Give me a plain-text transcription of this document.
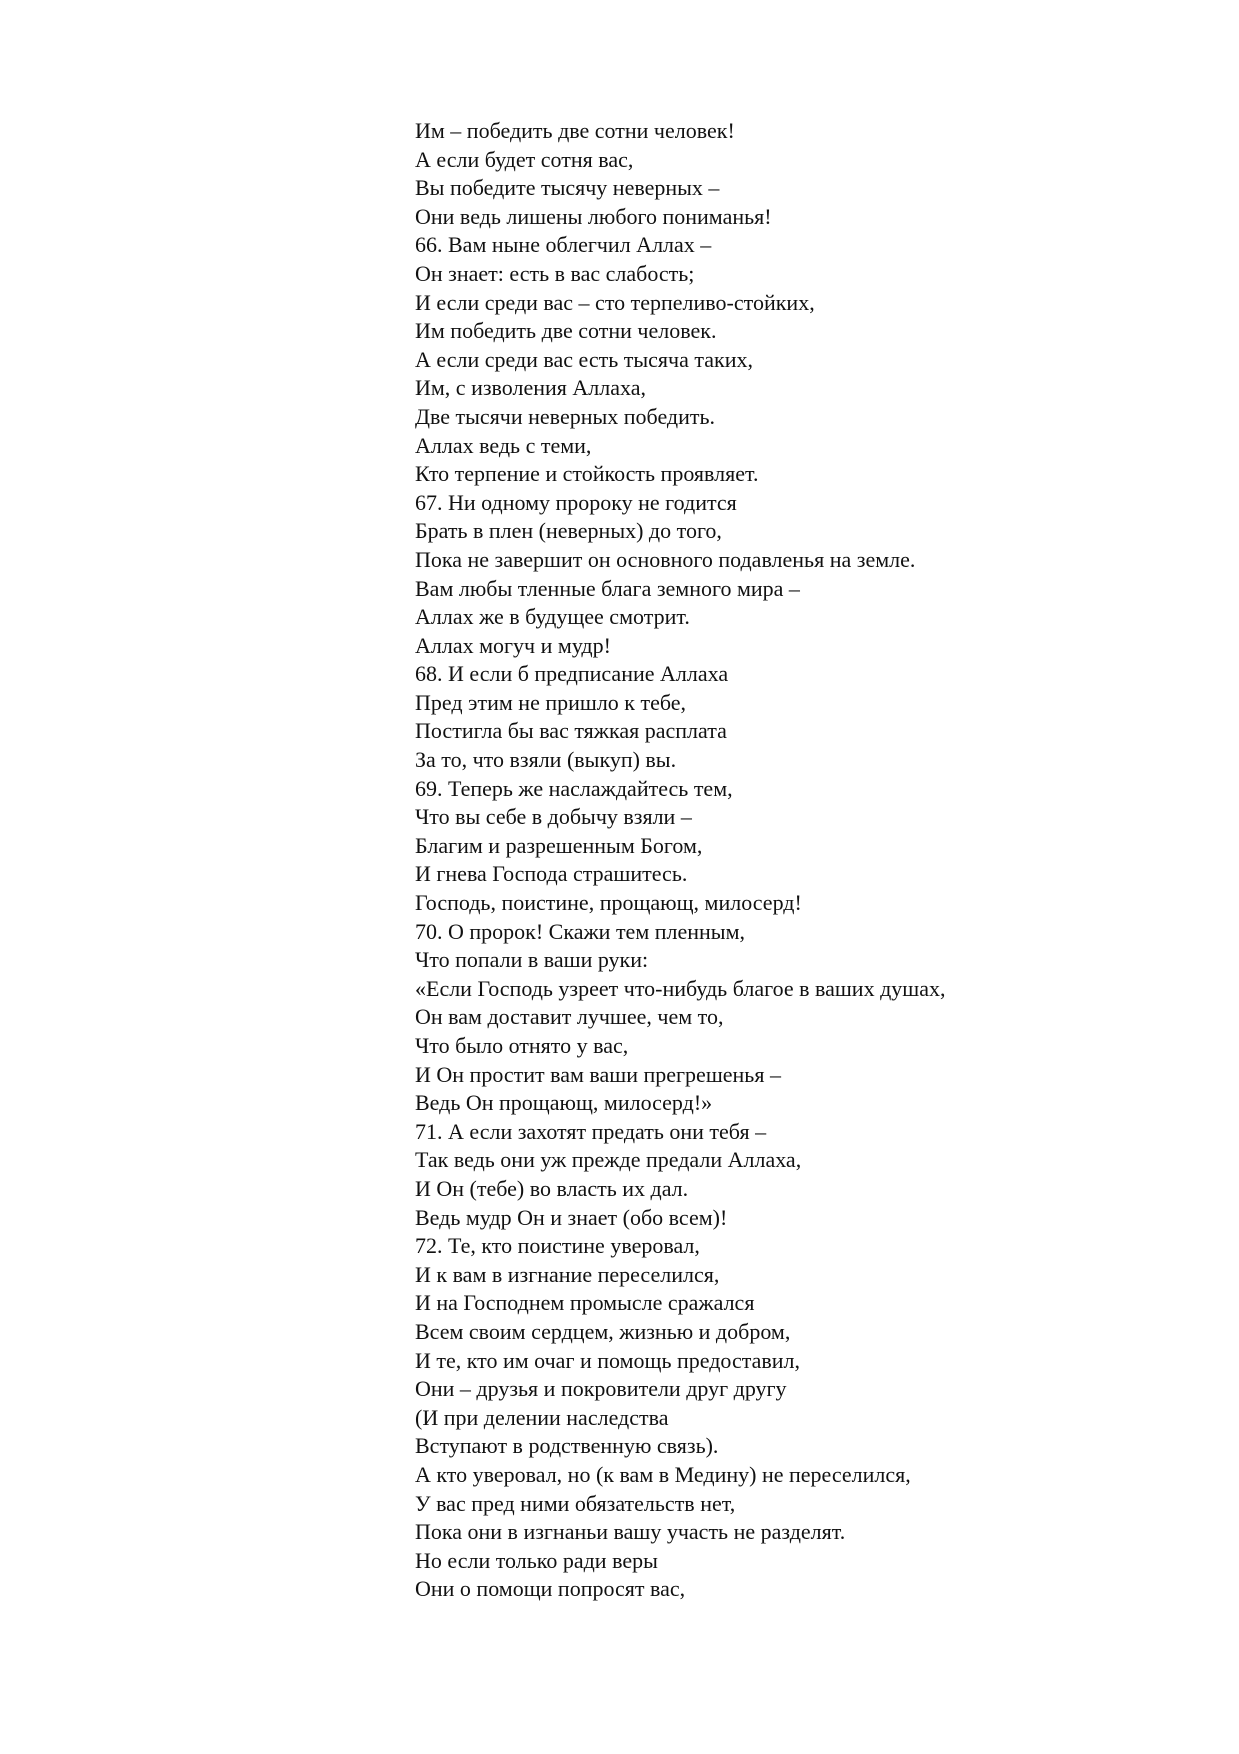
Им – победить две сотни человек!
А если будет сотня вас,
Вы победите тысячу неверных –
Они ведь лишены любого пониманья!
66. Вам ныне облегчил Аллах –
Он знает: есть в вас слабость;
И если среди вас – сто терпеливо-стойких,
Им победить две сотни человек.
А если среди вас есть тысяча таких,
Им, с изволения Аллаха,
Две тысячи неверных победить.
Аллах ведь с теми,
Кто терпение и стойкость проявляет.
67. Ни одному пророку не годится
Брать в плен (неверных) до того,
Пока не завершит он основного подавленья на земле.
Вам любы тленные блага земного мира –
Аллах же в будущее смотрит.
Аллах могуч и мудр!
68. И если б предписание Аллаха
Пред этим не пришло к тебе,
Постигла бы вас тяжкая расплата
За то, что взяли (выкуп) вы.
69. Теперь же наслаждайтесь тем,
Что вы себе в добычу взяли –
Благим и разрешенным Богом,
И гнева Господа страшитесь.
Господь, поистине, прощающ, милосерд!
70. О пророк! Скажи тем пленным,
Что попали в ваши руки:
«Если Господь узреет что-нибудь благое в ваших душах,
Он вам доставит лучшее, чем то,
Что было отнято у вас,
И Он простит вам ваши прегрешенья –
Ведь Он прощающ, милосерд!»
71. А если захотят предать они тебя –
Так ведь они уж прежде предали Аллаха,
И Он (тебе) во власть их дал.
Ведь мудр Он и знает (обо всем)!
72. Те, кто поистине уверовал,
И к вам в изгнание переселился,
И на Господнем промысле сражался
Всем своим сердцем, жизнью и добром,
И те, кто им очаг и помощь предоставил,
Они – друзья и покровители друг другу
(И при делении наследства
Вступают в родственную связь).
А кто уверовал, но (к вам в Медину) не переселился,
У вас пред ними обязательств нет,
Пока они в изгнаньи вашу участь не разделят.
Но если только ради веры
Они о помощи попросят вас,
